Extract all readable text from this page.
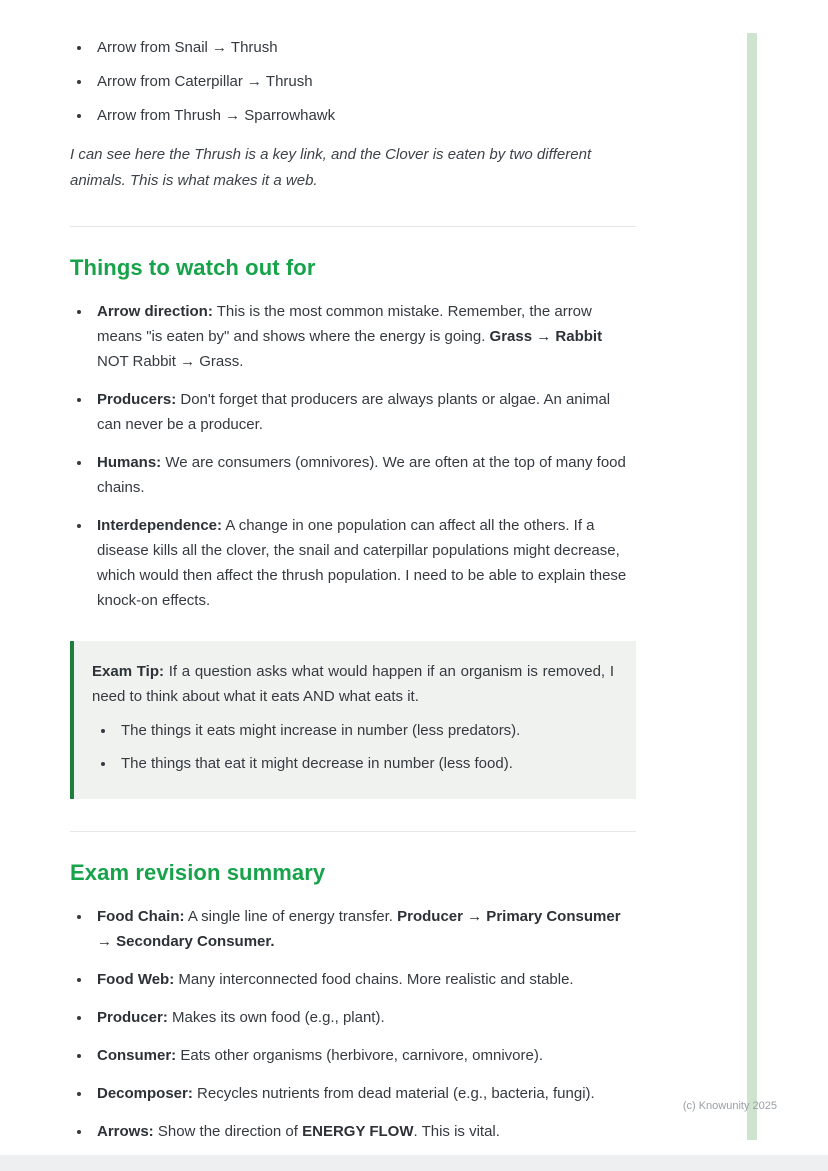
• Arrow from Snail → Thrush
• Arrow from Caterpillar → Thrush
• Arrow from Thrush → Sparrowhawk

I can see here the Thrush is a key link, and the Clover is eaten by two different animals. This is what makes it a web.

Things to watch out for
• Arrow direction: This is the most common mistake. Remember, the arrow means "is eaten by" and shows where the energy is going. Grass → Rabbit NOT Rabbit → Grass.
• Producers: Don't forget that producers are always plants or algae. An animal can never be a producer.
• Humans: We are consumers (omnivores). We are often at the top of many food chains.
• Interdependence: A change in one population can affect all the others. If a disease kills all the clover, the snail and caterpillar populations might decrease, which would then affect the thrush population. I need to be able to explain these knock-on effects.

Exam Tip: If a question asks what would happen if an organism is removed, I need to think about what it eats AND what eats it.

• The things it eats might increase in number (less predators).
• The things that eat it might decrease in number (less food).
Exam revision summary
• Food Chain: A single line of energy transfer. Producer → Primary Consumer → Secondary Consumer.
• Food Web: Many interconnected food chains. More realistic and stable.
• Producer: Makes its own food (e.g., plant).
• Consumer: Eats other organisms (herbivore, carnivore, omnivore).
• Decomposer: Recycles nutrients from dead material (e.g., bacteria, fungi).
• Arrows: Show the direction of ENERGY FLOW. This is vital.
•
(c) Knowunity 2025
